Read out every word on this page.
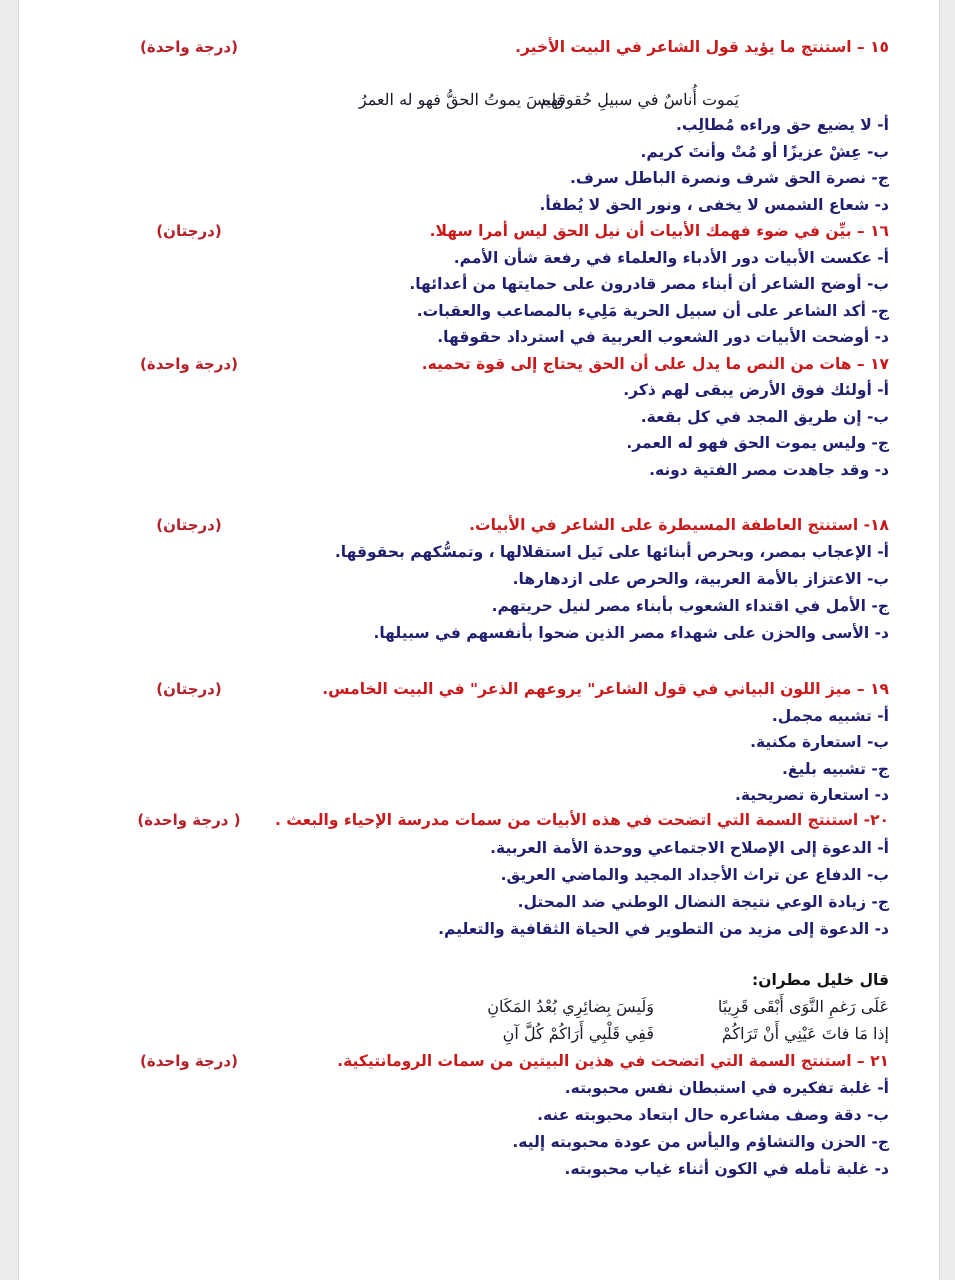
١٥ – استنتج ما يؤيد قول الشاعر في البيت الأخير.
(درجة واحدة)
يَموت أُناسٌ في سبيلِ حُقوقهم
وَليسَ يموتُ الحقُّ فهو له العمرُ
أ- لا يضيع حق وراءه مُطالِب.
ب- عِشْ عزيزًا أو مُتْ وأنتَ كريم.
ج- نصرة الحق شرف ونصرة الباطل سرف.
د- شعاع الشمس لا يخفى ، ونور الحق لا يُطفأ.
١٦ – بيِّن في ضوء فهمك الأبيات أن نيل الحق ليس أمرا سهلا.
(درجتان)
أ- عكست الأبيات دور الأدباء والعلماء في رفعة شأن الأمم.
ب- أوضح الشاعر أن أبناء مصر قادرون على حمايتها من أعدائها.
ج- أكد الشاعر على أن سبيل الحرية مَلِيء بالمصاعب والعقبات.
د- أوضحت الأبيات دور الشعوب العربية في استرداد حقوقها.
١٧ – هات من النص ما يدل على أن الحق يحتاج إلى قوة تحميه.
(درجة واحدة)
أ- أولئك فوق الأرض يبقى لهم ذكر.
ب- إن طريق المجد في كل بقعة.
ج- وليس يموت الحق فهو له العمر.
د- وقد جاهدت مصر الفتية دونه.
١٨- استنتج العاطفة المسيطرة على الشاعر في الأبيات.
(درجتان)
أ- الإعجاب بمصر، وبحرص أبنائها على نَيل استقلالها ، وتمسُّكهم بحقوقها.
ب- الاعتزاز بالأمة العربية، والحرص على ازدهارها.
ج- الأمل في اقتداء الشعوب بأبناء مصر لنيل حريتهم.
د- الأسى والحزن على شهداء مصر الذين ضحوا بأنفسهم في سبيلها.
١٩ – ميز اللون البياني في قول الشاعر" يروعهم الذعر" في البيت الخامس.
(درجتان)
أ- تشبيه مجمل.
ب- استعارة مكنية.
ج- تشبيه بليغ.
د- استعارة تصريحية.
٢٠- استنتج السمة التي اتضحت في هذه الأبيات من سمات مدرسة الإحياء والبعث .
( درجة واحدة)
أ- الدعوة إلى الإصلاح الاجتماعي ووحدة الأمة العربية.
ب- الدفاع عن تراث الأجداد المجيد والماضي العريق.
ج- زيادة الوعي نتيجة النضال الوطني ضد المحتل.
د- الدعوة إلى مزيد من التطوير في الحياة الثقافية والتعليم.
قال خليل مطران:
عَلَى رَغمِ النَّوَى أَبْقَى قَرِيبًا
وَلَيسَ بِضائِرِي بُعْدُ المَكَانِ
إذا مَا فاتَ عَيْنِي أَنْ تَرَاكُمْ
فَفِي قَلْبِي أَرَاكُمْ كُلَّ آنِ
٢١ – استنتج السمة التي اتضحت في هذين البيتين من سمات الرومانتيكية.
(درجة واحدة)
أ- غلبة تفكيره في استبطان نفس محبوبته.
ب- دقة وصف مشاعره حال ابتعاد محبوبته عنه.
ج- الحزن والتشاؤم واليأس من عودة محبوبته إليه.
د- غلبة تأمله في الكون أثناء غياب محبوبته.
